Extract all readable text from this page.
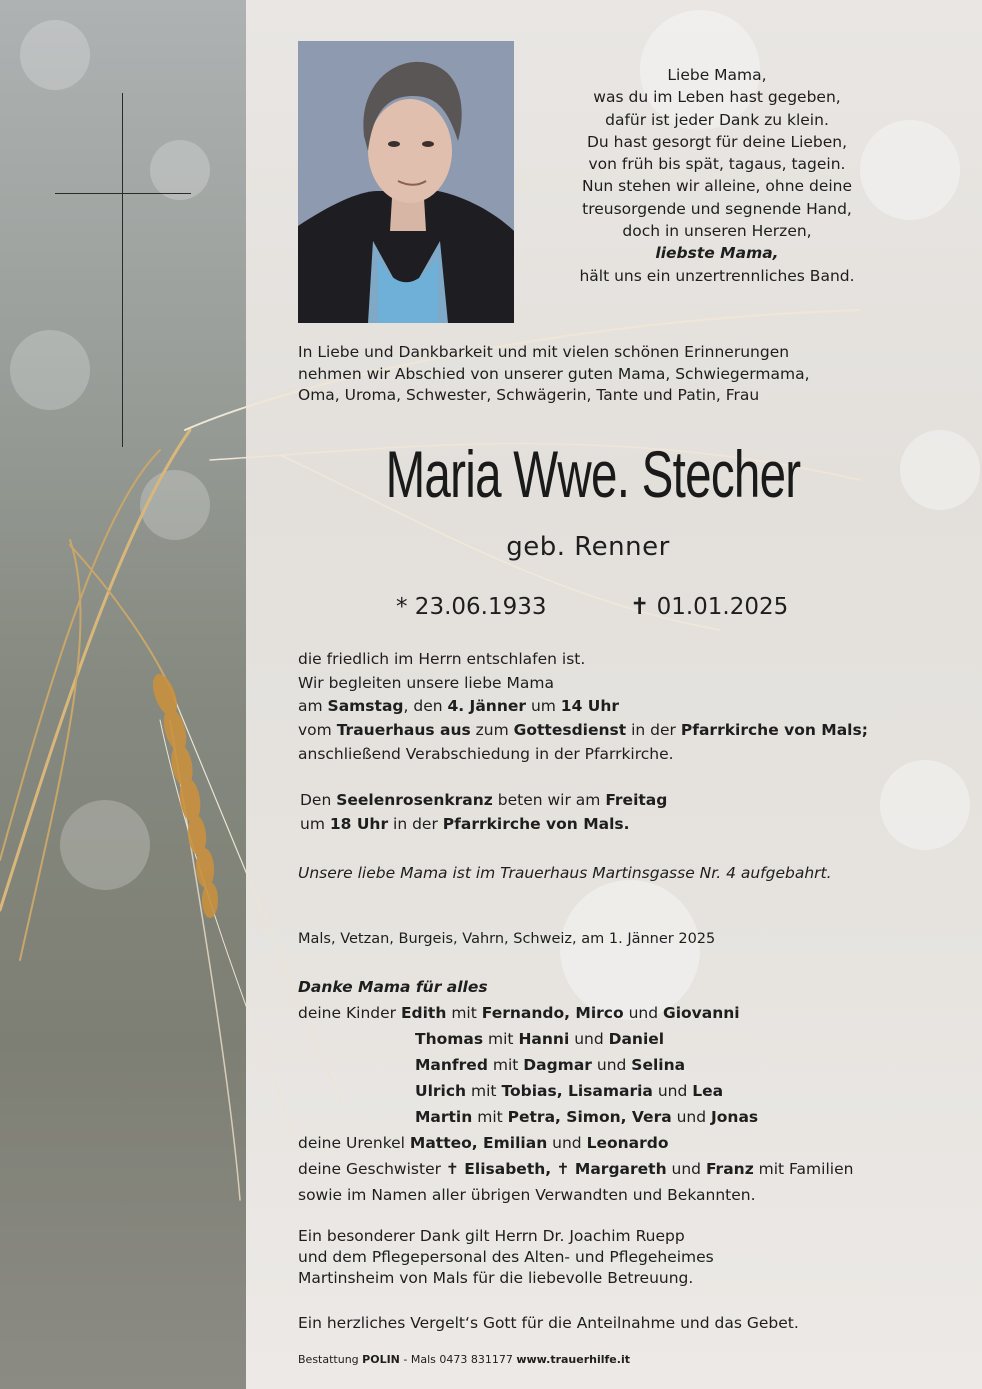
Liebe Mama,
was du im Leben hast gegeben,
dafür ist jeder Dank zu klein.
Du hast gesorgt für deine Lieben,
von früh bis spät, tagaus, tagein.
Nun stehen wir alleine, ohne deine
treusorgende und segnende Hand,
doch in unseren Herzen,
liebste Mama,
hält uns ein unzertrennliches Band.
In Liebe und Dankbarkeit und mit vielen schönen Erinnerungen
nehmen wir Abschied von unserer guten Mama, Schwiegermama,
Oma, Uroma, Schwester, Schwägerin, Tante und Patin, Frau
Maria Wwe. Stecher
geb. Renner
* 23.06.1933	✝ 01.01.2025
die friedlich im Herrn entschlafen ist.
Wir begleiten unsere liebe Mama
am Samstag, den 4. Jänner um 14 Uhr
vom Trauerhaus aus zum Gottesdienst in der Pfarrkirche von Mals;
anschließend Verabschiedung in der Pfarrkirche.
Den Seelenrosenkranz beten wir am Freitag
um 18 Uhr in der Pfarrkirche von Mals.
Unsere liebe Mama ist im Trauerhaus Martinsgasse Nr. 4 aufgebahrt.
Mals, Vetzan, Burgeis, Vahrn, Schweiz, am 1. Jänner 2025
Danke Mama für alles
deine Kinder Edith mit Fernando, Mirco und Giovanni
Thomas mit Hanni und Daniel
Manfred mit Dagmar und Selina
Ulrich mit Tobias, Lisamaria und Lea
Martin mit Petra, Simon, Vera und Jonas
deine Urenkel Matteo, Emilian und Leonardo
deine Geschwister ✝ Elisabeth, ✝ Margareth und Franz mit Familien
sowie im Namen aller übrigen Verwandten und Bekannten.
Ein besonderer Dank gilt Herrn Dr. Joachim Ruepp
und dem Pflegepersonal des Alten- und Pflegeheimes
Martinsheim von Mals für die liebevolle Betreuung.
Ein herzliches Vergelt‘s Gott für die Anteilnahme und das Gebet.
Bestattung POLIN - Mals 0473 831177 www.trauerhilfe.it
